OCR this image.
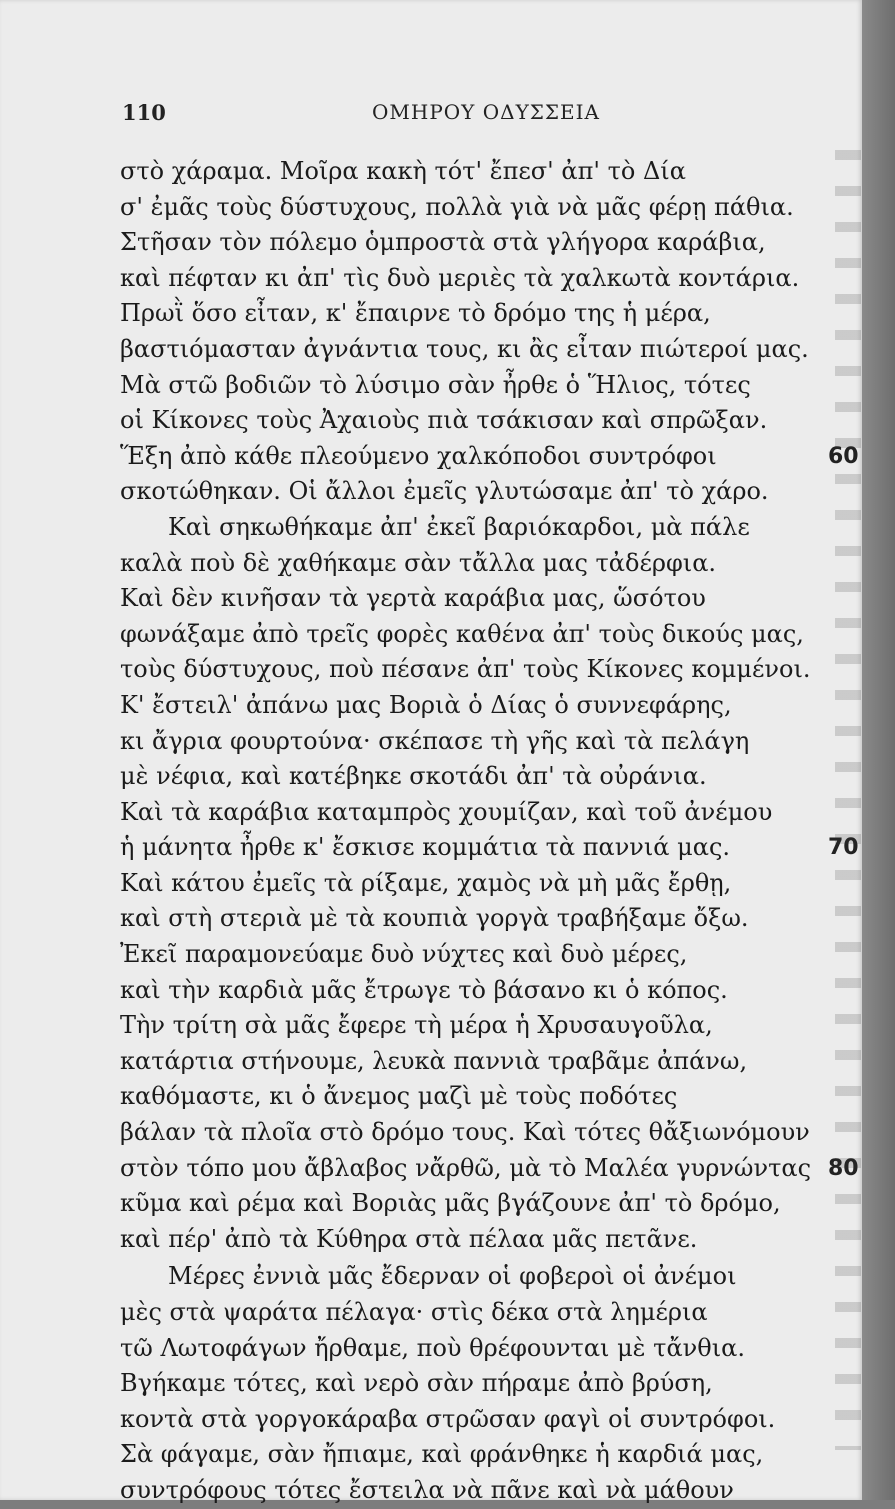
110	ΟΜΗΡΟΥ ΟΔΥΣΣΕΙΑ
στὸ χάραμα. Μοῖρα κακὴ τότ' ἔπεσ' ἀπ' τὸ Δία
σ' ἐμᾶς τοὺς δύστυχους, πολλὰ γιὰ νὰ μᾶς φέρῃ πάθια.
Στῆσαν τὸν πόλεμο ὁμπροστὰ στὰ γλήγορα καράβια,
καὶ πέφταν κι ἀπ' τὶς δυὸ μεριὲς τὰ χαλκωτὰ κοντάρια.
Πρωῒ ὅσο εἶταν, κ' ἔπαιρνε τὸ δρόμο της ἡ μέρα,
βαστιόμασταν ἀγνάντια τους, κι ἂς εἶταν πιώτεροί μας.
Μὰ στῶ βοδιῶν τὸ λύσιμο σὰν ἦρθε ὁ Ἥλιος, τότες
οἱ Κίκονες τοὺς Ἀχαιοὺς πιὰ τσάκισαν καὶ σπρῶξαν.
Ἕξη ἀπὸ κάθε πλεούμενο χαλκόποδοι συντρόφοι	60
σκοτώθηκαν. Οἱ ἄλλοι ἐμεῖς γλυτώσαμε ἀπ' τὸ χάρο.
Καὶ σηκωθήκαμε ἀπ' ἐκεῖ βαριόκαρδοι, μὰ πάλε
καλὰ ποὺ δὲ χαθήκαμε σὰν τἄλλα μας τἀδέρφια.
Καὶ δὲν κινῆσαν τὰ γερτὰ καράβια μας, ὥσότου
φωνάξαμε ἀπὸ τρεῖς φορὲς καθένα ἀπ' τοὺς δικούς μας,
τοὺς δύστυχους, ποὺ πέσανε ἀπ' τοὺς Κίκονες κομμένοι.
Κ' ἔστειλ' ἀπάνω μας Βοριὰ ὁ Δίας ὁ συννεφάρης,
κι ἄγρια φουρτούνα· σκέπασε τὴ γῆς καὶ τὰ πελάγη
μὲ νέφια, καὶ κατέβηκε σκοτάδι ἀπ' τὰ οὐράνια.
Καὶ τὰ καράβια καταμπρὸς χουμίζαν, καὶ τοῦ ἀνέμου
ἡ μάνητα ἦρθε κ' ἔσκισε κομμάτια τὰ παννιά μας.	70
Καὶ κάτου ἐμεῖς τὰ ρίξαμε, χαμὸς νὰ μὴ μᾶς ἔρθῃ,
καὶ στὴ στεριὰ μὲ τὰ κουπιὰ γοργὰ τραβήξαμε ὄξω.
Ἐκεῖ παραμονεύαμε δυὸ νύχτες καὶ δυὸ μέρες,
καὶ τὴν καρδιὰ μᾶς ἔτρωγε τὸ βάσανο κι ὁ κόπος.
Τὴν τρίτη σὰ μᾶς ἔφερε τὴ μέρα ἡ Χρυσαυγοῦλα,
κατάρτια στήνουμε, λευκὰ παννιὰ τραβᾶμε ἀπάνω,
καθόμαστε, κι ὁ ἄνεμος μαζὶ μὲ τοὺς ποδότες
βάλαν τὰ πλοῖα στὸ δρόμο τους. Καὶ τότες θἄξιωνόμουν
στὸν τόπο μου ἄβλαβος νἄρθῶ, μὰ τὸ Μαλέα γυρνώντας 80
κῦμα καὶ ρέμα καὶ Βοριὰς μᾶς βγάζουνε ἀπ' τὸ δρόμο,
καὶ πέρ' ἀπὸ τὰ Κύθηρα στὰ πέλαα μᾶς πετᾶνε.
Μέρες ἐννιὰ μᾶς ἔδερναν οἱ φοβεροὶ οἱ ἀνέμοι
μὲς στὰ ψαράτα πέλαγα· στὶς δέκα στὰ λημέρια
τῶ Λωτοφάγων ἤρθαμε, ποὺ θρέφουνται μὲ τἄνθια.
Βγήκαμε τότες, καὶ νερὸ σὰν πήραμε ἀπὸ βρύση,
κοντὰ στὰ γοργοκάραβα στρῶσαν φαγὶ οἱ συντρόφοι.
Σὰ φάγαμε, σὰν ἤπιαμε, καὶ φράνθηκε ἡ καρδιά μας,
συντρόφους τότες ἔστειλα νὰ πᾶνε καὶ νὰ μάθουν
